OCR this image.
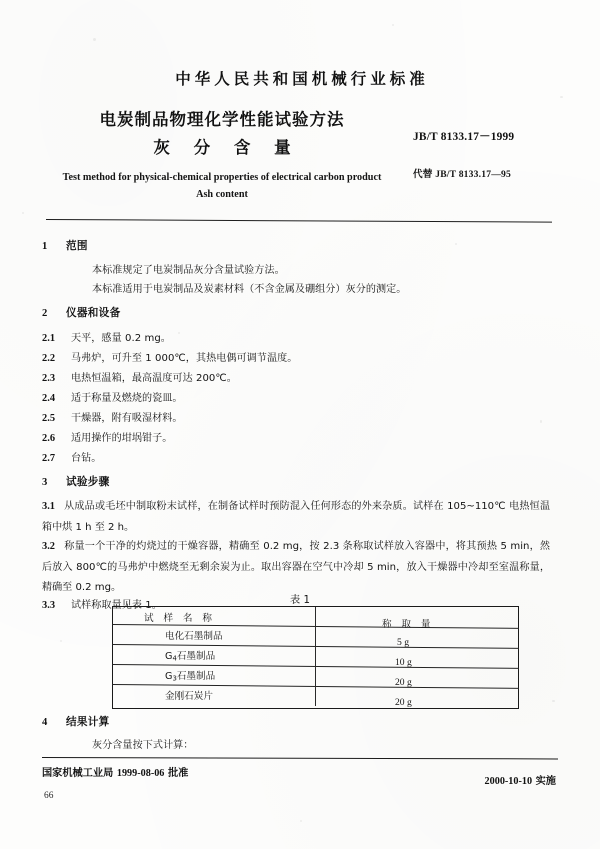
中华人民共和国机械行业标准
电炭制品物理化学性能试验方法
灰 分 含 量
Test method for physical-chemical properties of electrical carbon product
Ash content
JB/T 8133.17－1999
代替 JB/T 8133.17—95
1 范围
本标准规定了电炭制品灰分含量试验方法。
本标准适用于电炭制品及炭素材料（不含金属及硼组分）灰分的测定。
2 仪器和设备
2.1 天平，感量 0.2 mg。
2.2 马弗炉，可升至 1 000℃，其热电偶可调节温度。
2.3 电热恒温箱，最高温度可达 200℃。
2.4 适于称量及燃烧的瓷皿。
2.5 干燥器，附有吸湿材料。
2.6 适用操作的坩埚钳子。
2.7 台钻。
3 试验步骤
3.1 从成品或毛坯中制取粉末试样，在制备试样时预防混入任何形态的外来杂质。试样在 105~110℃ 电热恒温箱中烘 1 h 至 2 h。
3.2 称量一个干净的灼烧过的干燥容器，精确至 0.2 mg，按 2.3 条称取试样放入容器中，将其预热 5 min，然后放入 800℃的马弗炉中燃烧至无剩余炭为止。取出容器在空气中冷却 5 min，放入干燥器中冷却至室温称量，精确至 0.2 mg。
3.3 试样称取量见表 1。	表 1
试 样 名 称
称 取 量
电化石墨制品
5 g
$G_4$石墨制品
10 g
$G_3$石墨制品
20 g
金刚石炭片
20 g
4 结果计算
灰分含量按下式计算：
国家机械工业局 1999-08-06 批准
2000-10-10 实施
66
